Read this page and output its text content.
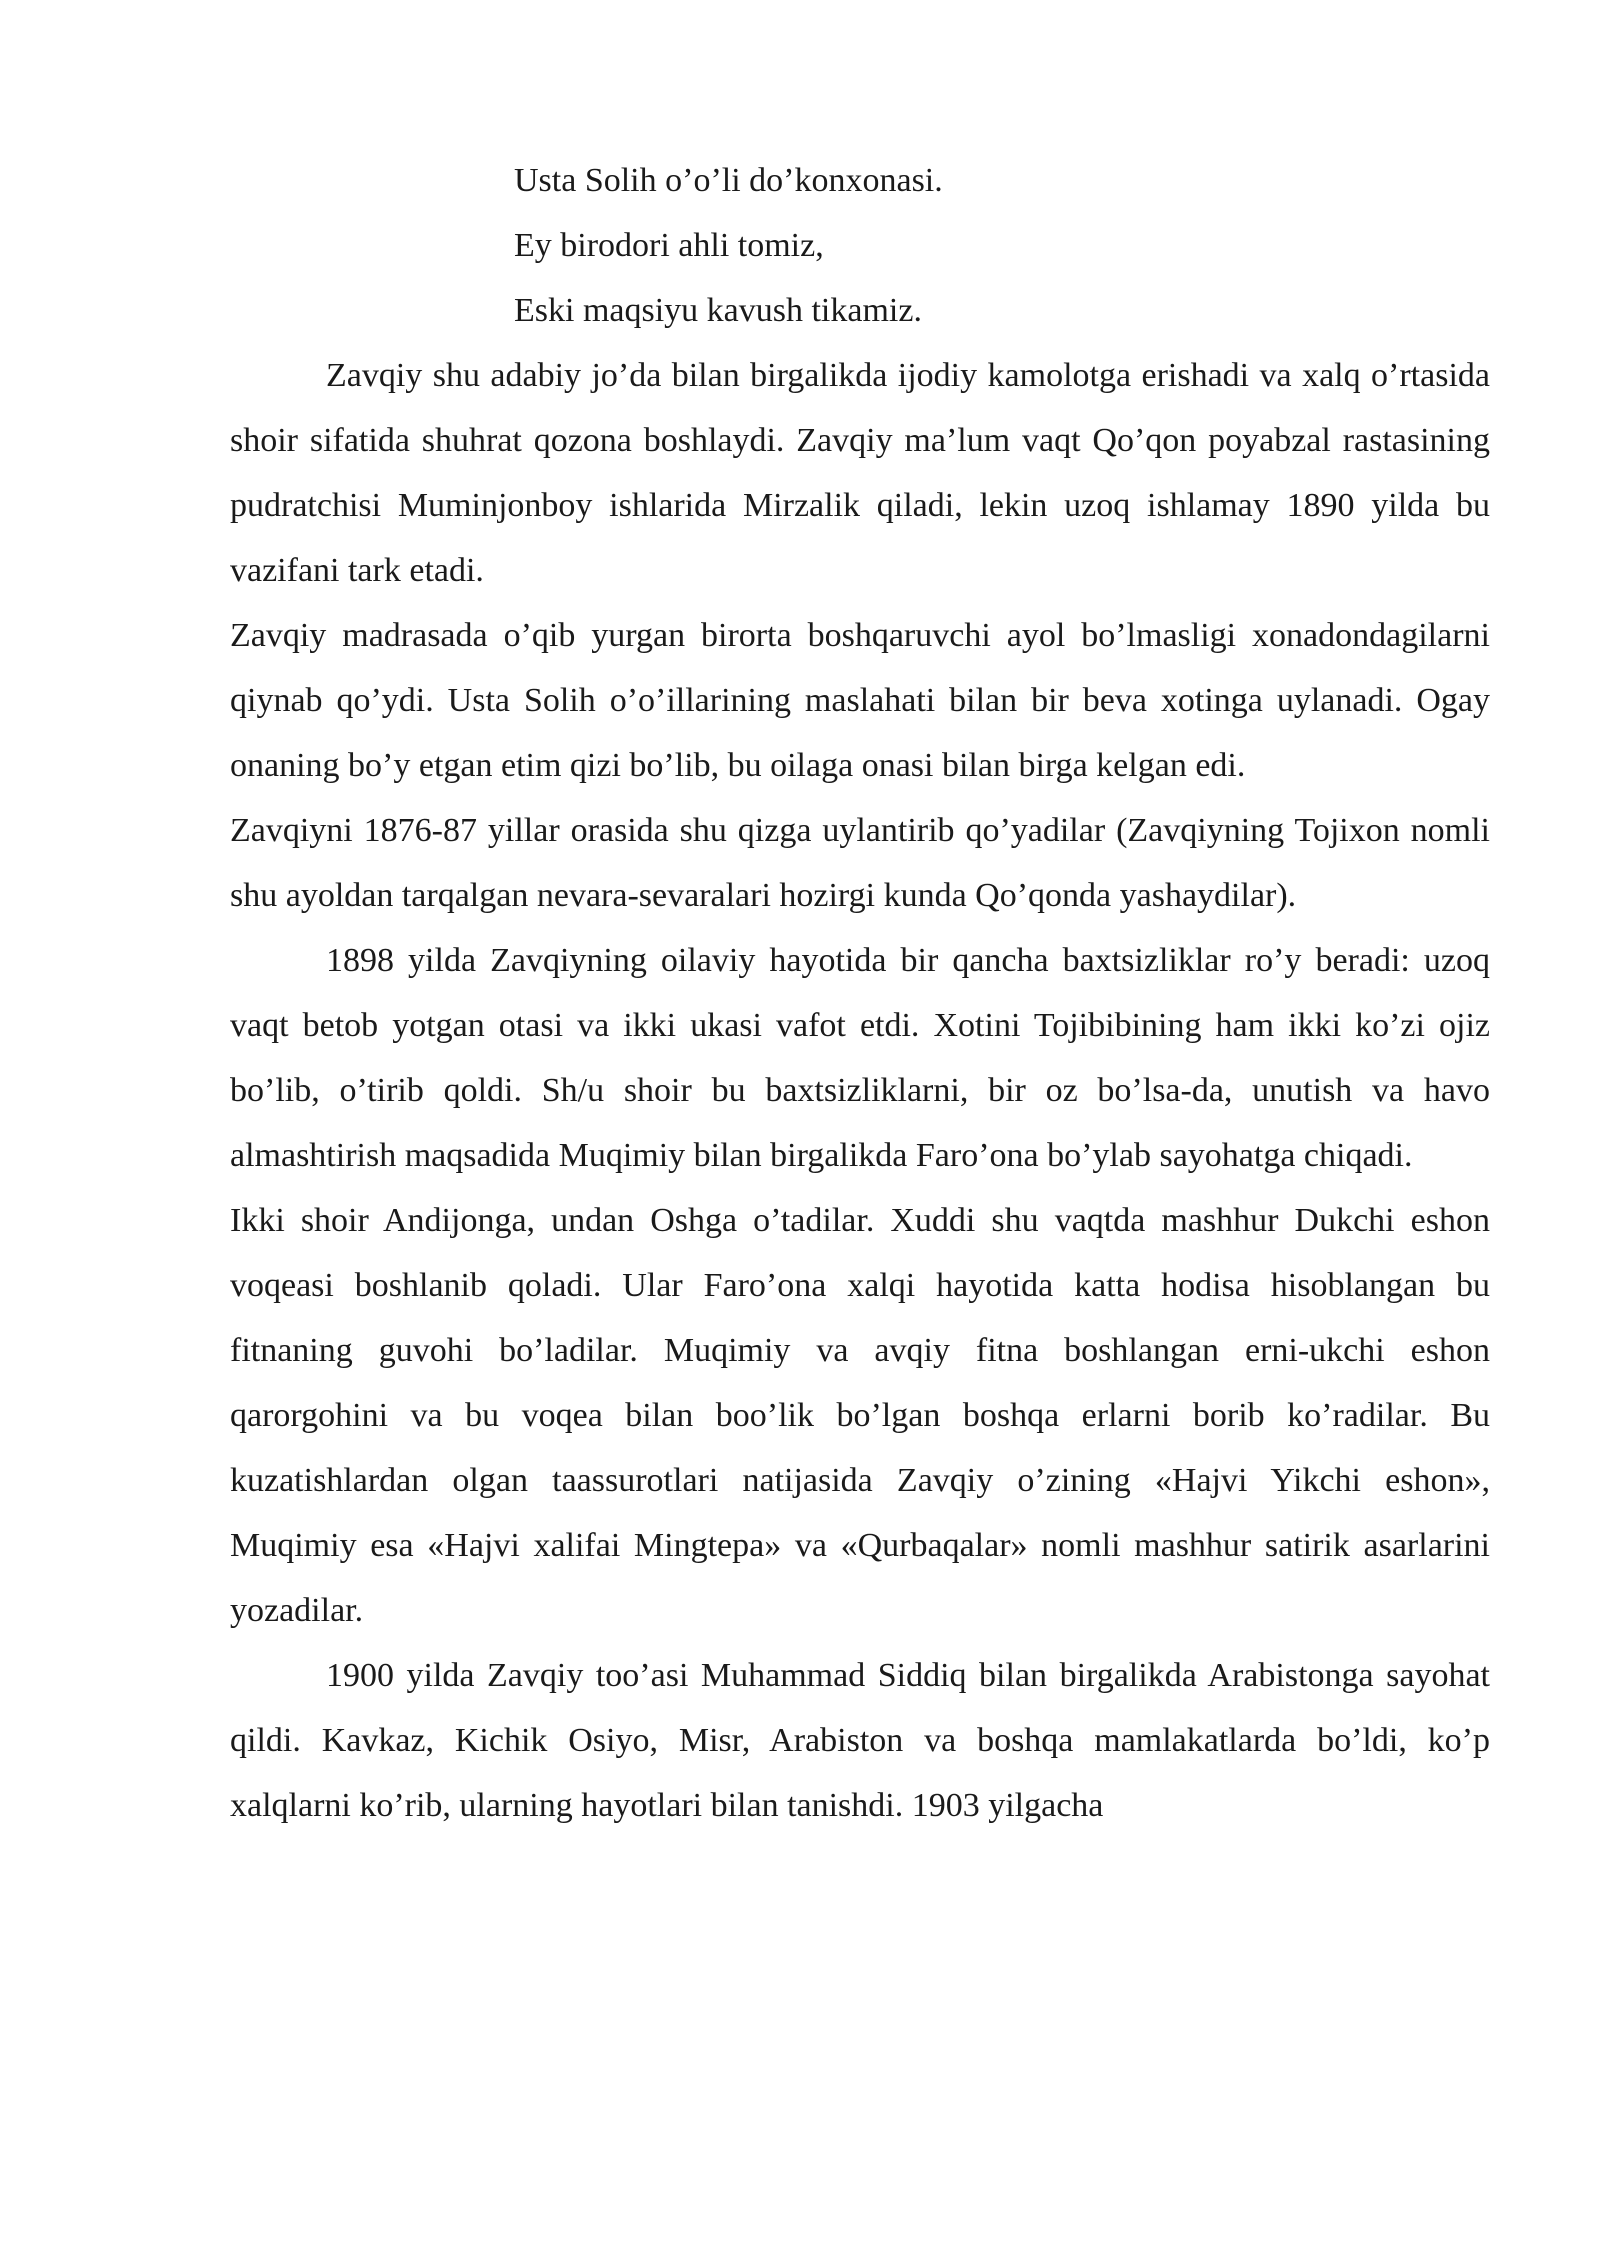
Usta Solih o’o’li do’konxonasi.

Ey birodori ahli tomiz,

Eski maqsiyu kavush tikamiz.

Zavqiy shu adabiy jo’da bilan birgalikda ijodiy kamolotga erishadi va xalq o’rtasida shoir sifatida shuhrat qozona boshlaydi. Zavqiy ma’lum vaqt Qo’qon poyabzal rastasining pudratchisi Muminjonboy ishlarida Mirzalik qiladi, lekin uzoq ishlamay 1890 yilda bu vazifani tark etadi.

Zavqiy madrasada o’qib yurgan birorta boshqaruvchi ayol bo’lmasligi xonadondagilarni qiynab qo’ydi. Usta Solih o’o’illarining maslahati bilan bir beva xotinga uylanadi. Ogay onaning bo’y etgan etim qizi bo’lib, bu oilaga onasi bilan birga kelgan edi.

Zavqiyni 1876-87 yillar orasida shu qizga uylantirib qo’yadilar (Zavqiyning Tojixon nomli shu ayoldan tarqalgan nevara-sevaralari hozirgi kunda Qo’qonda yashaydilar).

1898 yilda Zavqiyning oilaviy hayotida bir qancha baxtsizliklar ro’y beradi: uzoq vaqt betob yotgan otasi va ikki ukasi vafot etdi. Xotini Tojibibining ham ikki ko’zi ojiz bo’lib, o’tirib qoldi. Sh/u shoir bu baxtsizliklarni, bir oz bo’lsa-da, unutish va havo almashtirish maqsadida Muqimiy bilan birgalikda Faro’ona bo’ylab sayohatga chiqadi.

Ikki shoir Andijonga, undan Oshga o’tadilar. Xuddi shu vaqtda mashhur Dukchi eshon voqeasi boshlanib qoladi. Ular Faro’ona xalqi hayotida katta hodisa hisoblangan bu fitnaning guvohi bo’ladilar. Muqimiy va avqiy fitna boshlangan erni-ukchi eshon qarorgohini va bu voqea bilan boo’lik bo’lgan boshqa erlarni borib ko’radilar. Bu kuzatishlardan olgan taassurotlari natijasida Zavqiy o’zining «Hajvi Yikchi eshon», Muqimiy esa «Hajvi xalifai Mingtepa» va «Qurbaqalar» nomli mashhur satirik asarlarini yozadilar.

1900 yilda Zavqiy too’asi Muhammad Siddiq bilan birgalikda Arabistonga sayohat qildi. Kavkaz, Kichik Osiyo, Misr, Arabiston va boshqa mamlakatlarda bo’ldi, ko’p xalqlarni ko’rib, ularning hayotlari bilan tanishdi. 1903 yilgacha
